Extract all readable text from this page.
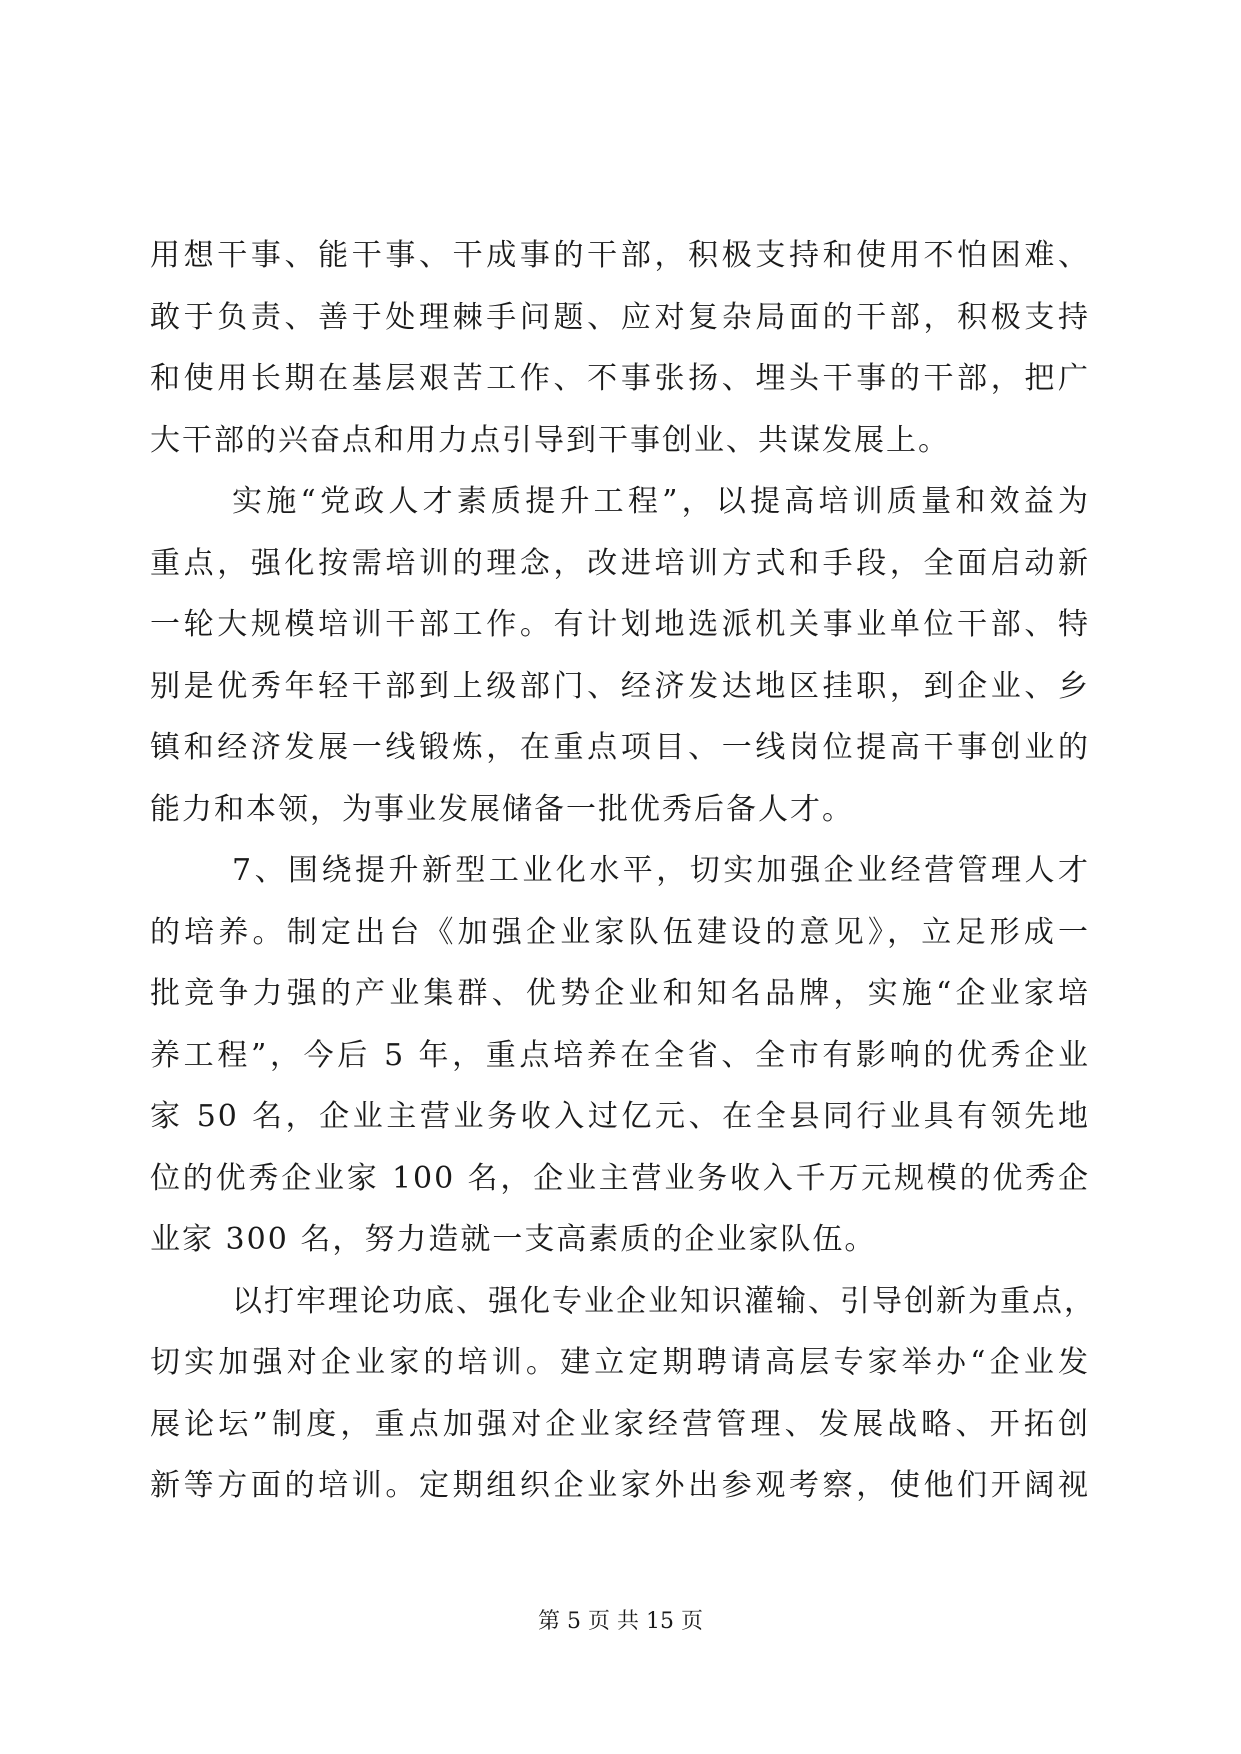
用想干事、能干事、干成事的干部，积极支持和使用不怕困难、
敢于负责、善于处理棘手问题、应对复杂局面的干部，积极支持
和使用长期在基层艰苦工作、不事张扬、埋头干事的干部，把广
大干部的兴奋点和用力点引导到干事创业、共谋发展上。
实施“党政人才素质提升工程”，以提高培训质量和效益为
重点，强化按需培训的理念，改进培训方式和手段，全面启动新
一轮大规模培训干部工作。有计划地选派机关事业单位干部、特
别是优秀年轻干部到上级部门、经济发达地区挂职，到企业、乡
镇和经济发展一线锻炼，在重点项目、一线岗位提高干事创业的
能力和本领，为事业发展储备一批优秀后备人才。
7、围绕提升新型工业化水平，切实加强企业经营管理人才
的培养。制定出台《加强企业家队伍建设的意见》，立足形成一
批竞争力强的产业集群、优势企业和知名品牌，实施“企业家培
养工程”，今后 5 年，重点培养在全省、全市有影响的优秀企业
家 50 名，企业主营业务收入过亿元、在全县同行业具有领先地
位的优秀企业家 100 名，企业主营业务收入千万元规模的优秀企
业家 300 名，努力造就一支高素质的企业家队伍。
以打牢理论功底、强化专业企业知识灌输、引导创新为重点，
切实加强对企业家的培训。建立定期聘请高层专家举办“企业发
展论坛”制度，重点加强对企业家经营管理、发展战略、开拓创
新等方面的培训。定期组织企业家外出参观考察，使他们开阔视
第 5 页 共 15 页
